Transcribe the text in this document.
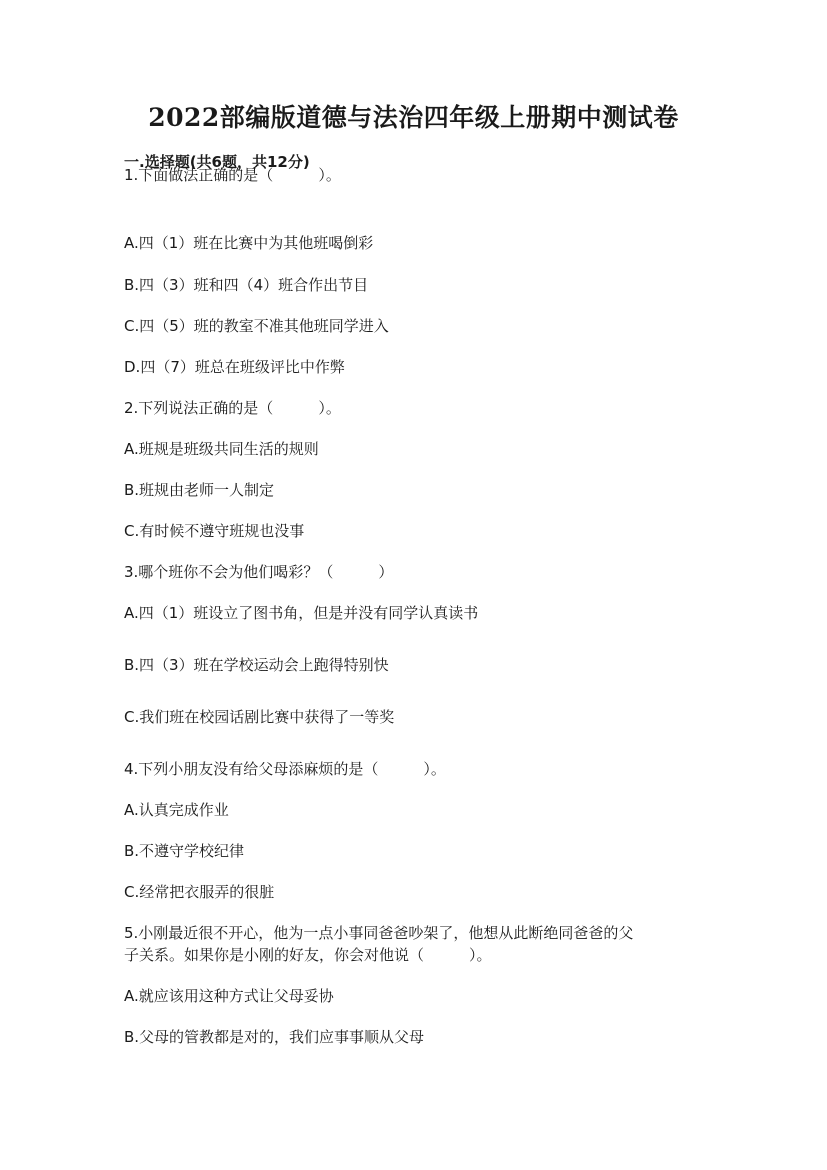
2022部编版道德与法治四年级上册期中测试卷
一.选择题(共6题，共12分)
1.下面做法正确的是（　　　）。
A.四（1）班在比赛中为其他班喝倒彩
B.四（3）班和四（4）班合作出节目
C.四（5）班的教室不准其他班同学进入
D.四（7）班总在班级评比中作弊
2.下列说法正确的是（　　　）。
A.班规是班级共同生活的规则
B.班规由老师一人制定
C.有时候不遵守班规也没事
3.哪个班你不会为他们喝彩？（　　　）
A.四（1）班设立了图书角，但是并没有同学认真读书
B.四（3）班在学校运动会上跑得特别快
C.我们班在校园话剧比赛中获得了一等奖
4.下列小朋友没有给父母添麻烦的是（　　　）。
A.认真完成作业
B.不遵守学校纪律
C.经常把衣服弄的很脏
5.小刚最近很不开心，他为一点小事同爸爸吵架了，他想从此断绝同爸爸的父
子关系。如果你是小刚的好友，你会对他说（　　　）。
A.就应该用这种方式让父母妥协
B.父母的管教都是对的，我们应事事顺从父母
